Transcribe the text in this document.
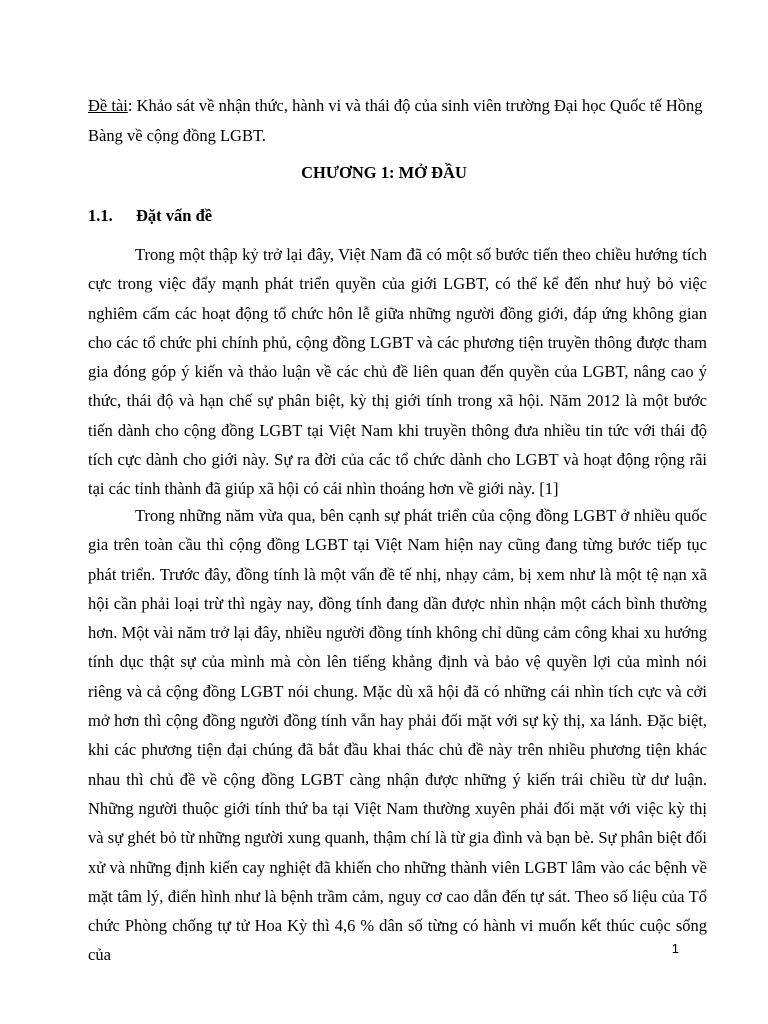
Đề tài: Khảo sát về nhận thức, hành vi và thái độ của sinh viên trường Đại học Quốc tế Hồng Bàng về cộng đồng LGBT.
CHƯƠNG 1: MỞ ĐẦU
1.1. Đặt vấn đề

Trong một thập kỷ trở lại đây, Việt Nam đã có một số bước tiến theo chiều hướng tích cực trong việc đẩy mạnh phát triển quyền của giới LGBT, có thể kể đến như huỷ bỏ việc nghiêm cấm các hoạt động tổ chức hôn lễ giữa những người đồng giới, đáp ứng không gian cho các tổ chức phi chính phủ, cộng đồng LGBT và các phương tiện truyền thông được tham gia đóng góp ý kiến và thảo luận về các chủ đề liên quan đến quyền của LGBT, nâng cao ý thức, thái độ và hạn chế sự phân biệt, kỳ thị giới tính trong xã hội. Năm 2012 là một bước tiến dành cho cộng đồng LGBT tại Việt Nam khi truyền thông đưa nhiều tin tức với thái độ tích cực dành cho giới này. Sự ra đời của các tổ chức dành cho LGBT và hoạt động rộng rãi tại các tỉnh thành đã giúp xã hội có cái nhìn thoáng hơn về giới này. [1]

Trong những năm vừa qua, bên cạnh sự phát triển của cộng đồng LGBT ở nhiều quốc gia trên toàn cầu thì cộng đồng LGBT tại Việt Nam hiện nay cũng đang từng bước tiếp tục phát triển. Trước đây, đồng tính là một vấn đề tế nhị, nhạy cảm, bị xem như là một tệ nạn xã hội cần phải loại trừ thì ngày nay, đồng tính đang dần được nhìn nhận một cách bình thường hơn. Một vài năm trở lại đây, nhiều người đồng tính không chỉ dũng cảm công khai xu hướng tính dục thật sự của mình mà còn lên tiếng khẳng định và bảo vệ quyền lợi của mình nói riêng và cả cộng đồng LGBT nói chung. Mặc dù xã hội đã có những cái nhìn tích cực và cởi mở hơn thì cộng đồng người đồng tính vẫn hay phải đối mặt với sự kỳ thị, xa lánh. Đặc biệt, khi các phương tiện đại chúng đã bắt đầu khai thác chủ đề này trên nhiều phương tiện khác nhau thì chủ đề về cộng đồng LGBT càng nhận được những ý kiến trái chiều từ dư luận. Những người thuộc giới tính thứ ba tại Việt Nam thường xuyên phải đối mặt với việc kỳ thị và sự ghét bỏ từ những người xung quanh, thậm chí là từ gia đình và bạn bè. Sự phân biệt đối xử và những định kiến cay nghiệt đã khiến cho những thành viên LGBT lâm vào các bệnh về mặt tâm lý, điển hình như là bệnh trầm cảm, nguy cơ cao dẫn đến tự sát. Theo số liệu của Tổ chức Phòng chống tự tử Hoa Kỳ thì 4,6 % dân số từng có hành vi muốn kết thúc cuộc sống của	1
